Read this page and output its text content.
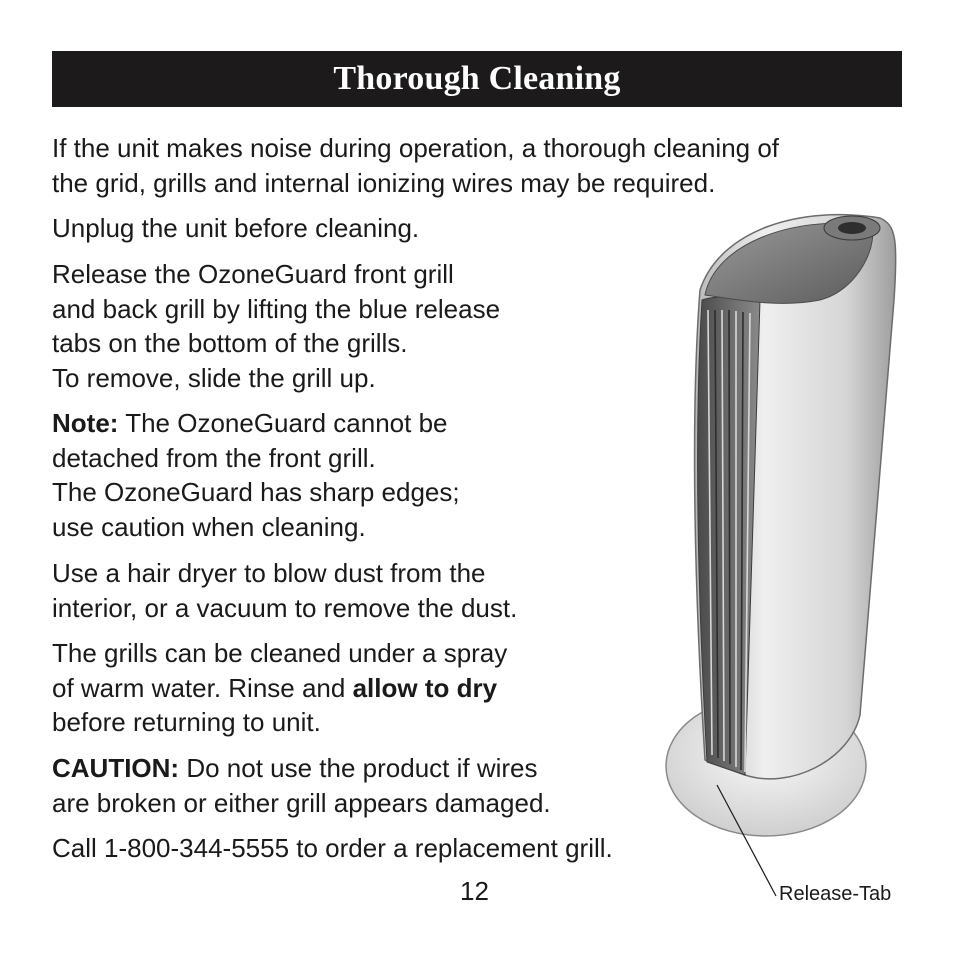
Thorough Cleaning

If the unit makes noise during operation, a thorough cleaning of
the grid, grills and internal ionizing wires may be required.

Unplug the unit before cleaning.

Release the OzoneGuard front grill
and back grill by lifting the blue release
tabs on the bottom of the grills.
To remove, slide the grill up.

Note: The OzoneGuard cannot be
detached from the front grill.
The OzoneGuard has sharp edges;
use caution when cleaning.

Use a hair dryer to blow dust from the
interior, or a vacuum to remove the dust.

The grills can be cleaned under a spray
of warm water. Rinse and allow to dry
before returning to unit.

CAUTION: Do not use the product if wires
are broken or either grill appears damaged.

Call 1-800-344-5555 to order a replacement grill.

Release-Tab

12
